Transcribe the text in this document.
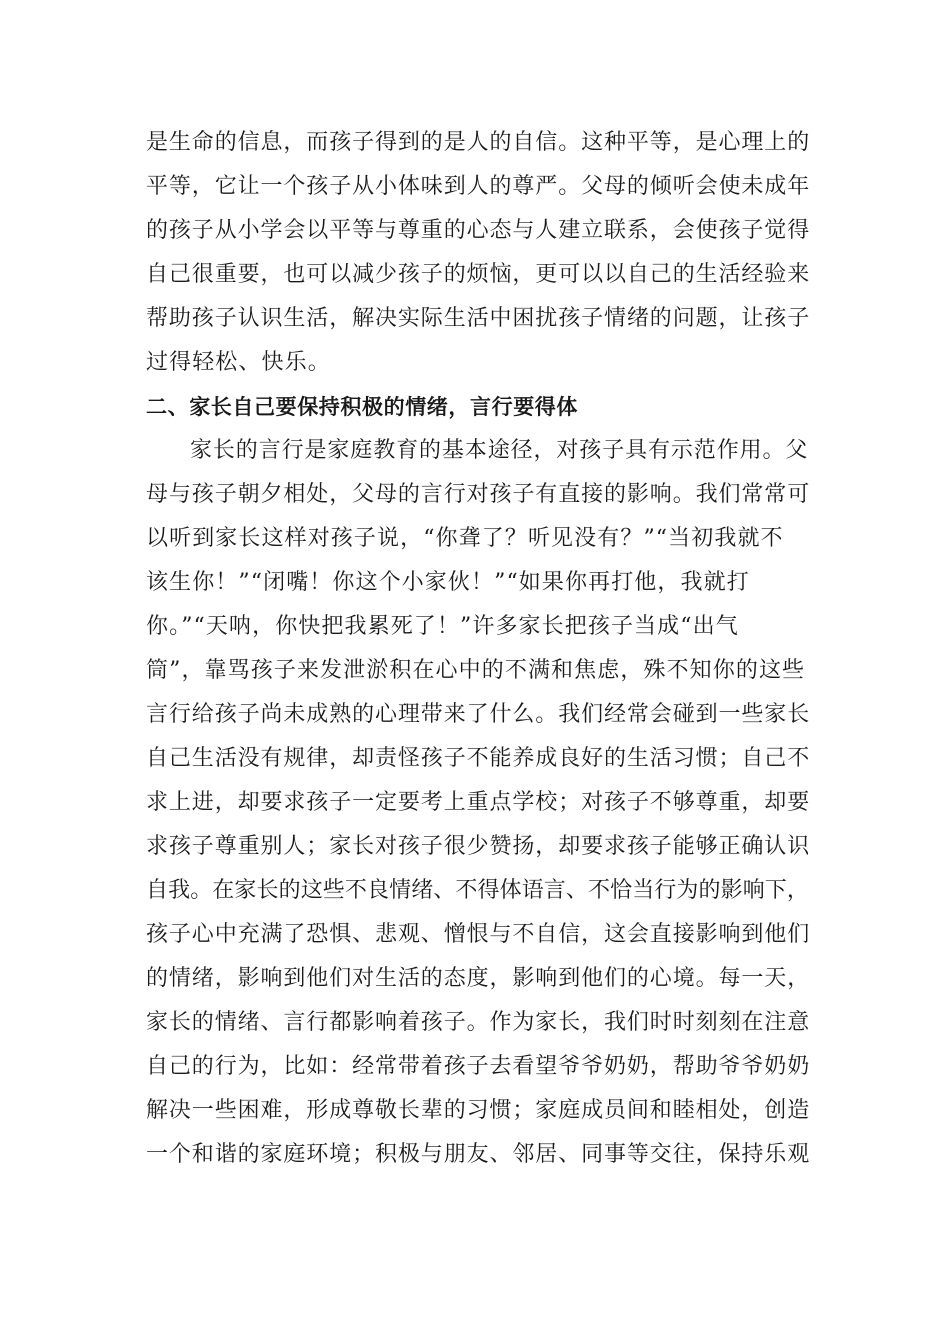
是生命的信息，而孩子得到的是人的自信。这种平等，是心理上的
平等，它让一个孩子从小体味到人的尊严。父母的倾听会使未成年
的孩子从小学会以平等与尊重的心态与人建立联系，会使孩子觉得
自己很重要，也可以减少孩子的烦恼，更可以以自己的生活经验来
帮助孩子认识生活，解决实际生活中困扰孩子情绪的问题，让孩子
过得轻松、快乐。
二、家长自己要保持积极的情绪，言行要得体
家长的言行是家庭教育的基本途径，对孩子具有示范作用。父
母与孩子朝夕相处，父母的言行对孩子有直接的影响。我们常常可
以听到家长这样对孩子说，“你聋了？听见没有？”“当初我就不
该生你！”“闭嘴！你这个小家伙！”“如果你再打他，我就打
你。”“天呐，你快把我累死了！”许多家长把孩子当成“出气
筒”，靠骂孩子来发泄淤积在心中的不满和焦虑，殊不知你的这些
言行给孩子尚未成熟的心理带来了什么。我们经常会碰到一些家长
自己生活没有规律，却责怪孩子不能养成良好的生活习惯；自己不
求上进，却要求孩子一定要考上重点学校；对孩子不够尊重，却要
求孩子尊重别人；家长对孩子很少赞扬，却要求孩子能够正确认识
自我。在家长的这些不良情绪、不得体语言、不恰当行为的影响下，
孩子心中充满了恐惧、悲观、憎恨与不自信，这会直接影响到他们
的情绪，影响到他们对生活的态度，影响到他们的心境。每一天，
家长的情绪、言行都影响着孩子。作为家长，我们时时刻刻在注意
自己的行为，比如：经常带着孩子去看望爷爷奶奶，帮助爷爷奶奶
解决一些困难，形成尊敬长辈的习惯；家庭成员间和睦相处，创造
一个和谐的家庭环境；积极与朋友、邻居、同事等交往，保持乐观
